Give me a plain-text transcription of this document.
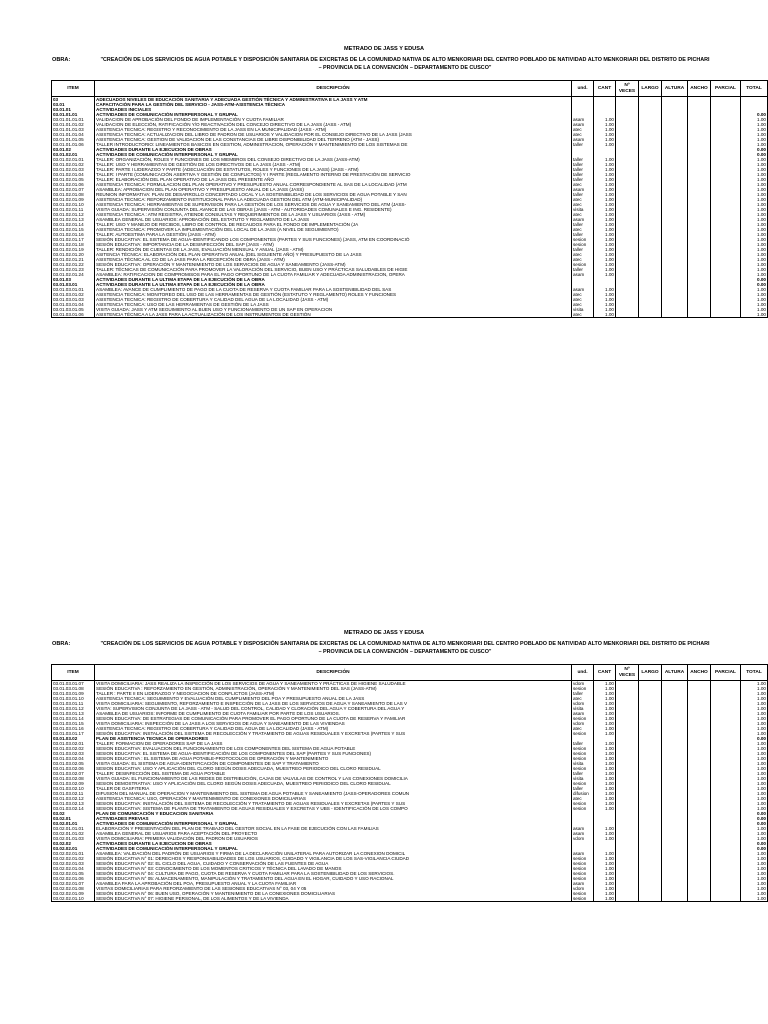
METRADO DE JASS Y EDUSA
OBRA:	"CREACIÓN DE LOS SERVICIOS DE AGUA POTABLE Y DISPOSICIÓN SANITARIA DE EXCRETAS DE LA COMUNIDAD NATIVA DE ALTO MENKORIARI DEL CENTRO POBLADO DE NATIVIDAD ALTO MENKORIARI DEL DISTRITO DE PICHARI – PROVINCIA DE LA CONVENCIÓN – DEPARTAMENTO DE CUSCO"
ITEM	DESCRIPCIÓN	und.	CANT	Nº VECES	LARGO	ALTURA	ANCHO	PARCIAL	TOTAL
03	ADECUADOS NIVELES DE EDUCACIÓN SANITARIA Y ADECUADA GESTIÓN TÉCNICA Y ADMINISTRATIVA E LA JASS Y ATM								
03.01	CAPACITACIÓN PARA LA GESTIÓN DEL SERVICIO - JASS-ATM-ASISTENCIA TÉCNICA								
03.01.01	ACTIVIDADES INICIALES								
03.01.01.01	ACTIVIDADES DE COMUNICACIÓN INTERPERSONAL Y GRUPAL								0.00
03.01.01.01.01	VALIDACION DE APROBACIÓN DEL FONDO DE IMPLEMENTACIÓN Y CUOTA FAMILIAR	asam	1.00						1.00
03.01.01.01.02	VALIDACION DE ELECCIÓN, RATIFICACIÓN Y/O REACTIVACIÓN DEL CONCEJO DIRECTIVO DE LA JASS (JASS - ATM)	asam	1.00						1.00
03.01.01.01.03	ASISTENCIA TECNICA: REGISTRO Y RECONOCIMIENTO DE LA JASS EN LA MUNICIPALIDAD (JASS - ATM)	atec	1.00						1.00
03.01.01.01.04	ASISTENCIA TECNICA: ACTUALIZACION DEL LIBRO DE PADRON DE USUARIOS Y VALIDACION POR EL CONSEJO DIRECTIVO DE LA JASS (JASS	atec	1.00						1.00
03.01.01.01.05	ASISTENCIA TECNICA: GESTION DE VALIDACION DE LAS CONSTANCIAS DE LIBRE DISPONIBILIDAD DEL TERRENO (ATM - JASS)	asam	1.00						1.00
03.01.01.01.06	TALLER INTRODUCTORIO: LINEAMIENTOS BASICOS EN GESTION, ADMINISTRACION, OPERACIÓN Y MANTENIMIENTO DE LOS SISTEMAS DE	taller	1.00						1.00
03.01.02	ACTIVIDADES DURANTE LA EJECUCION DE OBRAS								0.00
03.01.02.01	ACTIVIDADES DE COMUNICACIÓN INTERPERSONAL Y GRUPAL								0.00
03.01.02.01.01	TALLER: ORGANIZACIÓN, ROLES Y FUNCIONES DE LOS MIEMBROS DEL CONSEJO DIRECTIVO DE LA JASS (JASS-ATM)	taller	1.00						1.00
03.01.02.01.02	TALLER: USO Y HERRAMIENTAS DE GESTIÓN DE LOS DIRECTIVOS DE LA JASS (JASS - ATM)	taller	1.00						1.00
03.01.02.01.03	TALLER: PARTE I LIDERAZGO Y PARTE (ADECUACIÓN DE ESTATUTOS, ROLES Y FUNCIONES DE LA JASS) (JASS - ATM)	taller	1.00						1.00
03.01.02.01.04	TALLER: I PARTE (COMUNICACIÓN ASERTIVA Y GESTIÓN DE CONFLICTOS) Y I PARTE (REGLAMENTO INTERNO DE PRESTACIÓN DE SERVICIO	taller	1.00						1.00
03.01.02.01.05	TALLER: ELABORACIÓN DEL PLAN OPERATIVO DE LA JASS DEL PRESENTE AÑO	taller	1.00						1.00
03.01.02.01.06	ASISTENCIA TECNICA: FORMULACION DEL PLAN OPERATIVO Y PRESUPUESTO ANUAL CORRESPONDIENTE AL SAS DE LA LOCALIDAD (ATM	atec	1.00						1.00
03.01.02.01.07	ASAMBLEA: APROBACION DEL PLAN OPERATIVO Y PRESUPUESTO ANUAL DE LA JASS (JASS)	asam	1.00						1.00
03.01.02.01.08	REUNION INFORMATIVA: PLAN DE DESARROLLO CONCERTADO LOCAL Y LA SOSTENIBILIDAD DE LOS SERVICIOS DE AGUA POTABLE Y SAN	taller	1.00						1.00
03.01.02.01.09	ASISTENCIA TECNICA: REFORZAMIENTO INSTITUCIONAL PARA LA ADECUADA GESTION DEL ATM (ATM-MUNICIPALIDAD)	atec	1.00						1.00
03.01.02.01.10	ASISTENCIA TECNICA: HERRAMIENTAS DE SUPERVISION PARA LA GESTIÓN DE LOS SERVICIOS DE AGUA Y SANEAMIENTO DEL ATM (JASS-	atec	1.00						1.00
03.01.02.01.11	VISITA GUIADA: SUPERVISIÓN CONJUNTA DEL AVANCE DE LAS OBRAS (JASS - ATM - AUTORIDADES COMUNALES E ING. RESIDENTE)	visita	1.00						1.00
03.01.02.01.12	ASISTENCIA TECNICA : ATM REGISTRA, ATIENDE CONSULTAS Y REQUERIMIENTOS DE LA JASS Y USUARIOS (JASS - ATM)	atec	1.00						1.00
03.01.02.01.13	ASAMBLEA GENERAL DE USUARIOS: APROBACIÓN DEL ESTATUTO Y REGLAMENTO DE LA JASS	asam	1.00						1.00
03.01.02.01.14	TALLER: USO Y MANEJO DE RECIBOS, LIBRO DE CONTROL DE RECAUDOS PARA EL FONDO DE IMPLEMENTACIÓN (JA	taller	1.00						1.00
03.01.02.01.15	ASISTENCIA TECNICA: PROMOVER LA IMPLEMENTACIÓN DEL LOCAL DE LA JASS (A NIVEL DE SEGUIMIENTO)	atec	1.00						1.00
03.01.02.01.16	TALLER: AUTOESTIMA PARA LA GESTIÓN (JASS - ATM)	taller	1.00						1.00
03.01.02.01.17	SESIÓN EDUCATIVA: EL SISTEMA DE AGUA-IDENTIFICANDO LOS COMPONENTES (PARTES Y SUS FUNCIONES) (JASS, ATM EN COORDINACIÓ	sesion	1.00						1.00
03.01.02.01.18	SESIÓN EDUCATIVA: IMPORTANCIA DE LA DESINFECCIÓN DEL SAP (JASS - ATM)	sesion	1.00						1.00
03.01.02.01.19	TALLER: RENDICIÓN DE CUENTAS DE LA JASS, EVALUACIÓN MENSUAL Y ANUAL (JASS - ATM)	taller	1.00						1.00
03.01.02.01.20	ASITENCIA TÉCNICA: ELABORACIÓN DEL PLAN OPERATIVO ANUAL (DEL SIGUIENTE AÑO) Y PRESUPUESTO DE LA JASS	atec	1.00						1.00
03.01.02.01.21	ASISTENCIA TÉCNICA AL CD DE LA JASS PARA LA RECEPCIÓN DE OBRA (JASS - ATM)	atec	1.00						1.00
03.01.02.01.22	SESIÓN EDUCATIVA: OPERACIÓN Y MANTENIMIENTO DE LOS SERVICIOS DE AGUA Y SANEAMIENTO (JASS-ATM)	sesion	1.00						1.00
03.01.02.01.23	TALLER: TÉCNICAS DE COMUNICACIÓN PARA PROMOVER LA VALORACIÓN DEL SERVICIO, BUEN USO Y PRÁCTICAS SALUDABLES DE HIGIE	taller	1.00						1.00
03.01.02.01.24	ASAMBLEA: RATIFICACION DE COMPROMISOS PARA EL PAGO OPORTUNO DE LA CUOTA FAMILIAR Y ADECUADA ADMINISTRACION, OPERA	asam	1.00						1.00
03.01.03	ACTIVIDADES DURANTE LA ULTIMA ETAPA DE LA EJECUCIÓN DE LA OBRA								0.00
03.01.03.01	ACTIVIDADES DURANTE LA ULTIMA ETAPA DE LA EJECUCIÓN DE LA OBRA								0.00
03.01.03.01.01	ASAMBLEA: AVANCE DE CUMPLIMIENTO DE PAGO DE LA CUOTA DE RESERVA Y CUOTA FAMILIAR PARA LA SOSTENIBILIDAD DEL SAS	asam	1.00						1.00
03.01.03.01.02	ASISTENCIA TECNICA: MONITOREO DEL USO DE LAS HERRAMIENTAS DE GESTIÓN (ESTATUTO Y REGLAMENTO) ROLES Y FUNCIONES	atec	1.00						1.00
03.01.03.01.03	ASISTENCIA TECNICA: REGISTRO DE COBERTURA Y CALIDAD DEL AGUA DE LA LOCALIDAD (JASS - ATM)	atec	1.00						1.00
03.01.03.01.04	ASISTENCIA TECNICA: USO DE LAS HERRAMIENTAS DE GESTIÓN DE LA JASS	atec	1.00						1.00
03.01.03.01.05	VISITA GUIADA: JASS Y ATM SEGUIMIENTO AL BUEN USO Y FUNCIONAMIENTO DE UN SAP EN OPERACION	visita	1.00						1.00
03.01.03.01.06	ASISTENCIA TÉCNICA A LA JASS PARA LA ACTUALIZACIÓN DE LOS INSTRUMENTOS DE GESTIÓN	atec	1.00						1.00
METRADO DE JASS Y EDUSA
OBRA:	"CREACIÓN DE LOS SERVICIOS DE AGUA POTABLE Y DISPOSICIÓN SANITARIA DE EXCRETAS DE LA COMUNIDAD NATIVA DE ALTO MENKORIARI DEL CENTRO POBLADO DE NATIVIDAD ALTO MENKORIARI DEL DISTRITO DE PICHARI – PROVINCIA DE LA CONVENCIÓN – DEPARTAMENTO DE CUSCO"
ITEM	DESCRIPCIÓN	und.	CANT	Nº VECES	LARGO	ALTURA	ANCHO	PARCIAL	TOTAL
03.01.03.01.07	VISITA DOMICILIARIA: JASS REALIZA LA INSPECCIÓN DE LOS SERVICIOS DE AGUA Y SANEAMIENTO Y PRÁCTICAS DE HIGIENE SALUDABLE	vdom	1.00						1.00
03.01.03.01.08	SESIÓN EDUCATIVA : REFORZAMIENTO EN GESTIÓN, ADMINISTRACIÓN, OPERACIÓN Y MANTENIMIENTO DEL SAS (JASS-ATM)	sesion	1.00						1.00
03.01.03.01.09	TALLER : PARTE II EN LIDERAZGO Y NEGOCIACION DE CONFLICTOS (JASS-ATM)	taller	1.00						1.00
03.01.03.01.10	ASISTENCIA TECNICA: SEGUIMIENTO Y EVALUACIÓN DEL CUMPLIMIENTO DEL POA Y PRESUPUESTO ANUAL DE LA JASS	atec	1.00						1.00
03.01.03.01.11	VISITA DOMICILIARIA: SEGUIMIENTO, REFORZAMIENTO E INSPECCIÓN DE LA JASS DE LOS SERVICIOS DE AGUA Y SANEAMIENTO DE LAS V	vdom	1.00						1.00
03.01.03.01.12	VISITA: SUPERVISION CONJUNTA DE LA JASS - ATM - SALUD DEL CONTROL, CALIDAD Y CLORACIÓN DEL AGUA Y COBERTURA DEL AGUA Y	visita	1.00						1.00
03.01.03.01.13	ASAMBLEA DE USUARIOS: INFORME DE CUMPLIMIENTO DE CUOTA FAMILIAR POR PARTE DE LOS USUARIOS.	asam	1.00						1.00
03.01.03.01.14	SESION EDUCATIVA: DE ESTRATEGIAS DE COMUNICACIÓN PARA PROMOVER EL PAGO OPORTUNO DE LA CUOTA DE RESERVA Y FAMILIAR	sesion	1.00						1.00
03.01.03.01.15	VISITA DOMICILIARIA: INSPECCIÓN DE LA JASS A LOS SERVICIOS DE AGUA Y SANEAMIENTO DE LAS VIVIENDAS	vdom	1.00						1.00
03.01.03.01.16	ASISTENCIA TECNICA: REGISTRO DE COBERTURA Y CALIDAD DEL AGUA DE LA LOCALIDAD (JASS - ATM)	atec	1.00						1.00
03.01.03.01.17	SESIÓN EDUCATIVA: INSTALACIÓN DEL SISTEMA DE RECOLECCIÓN Y TRATAMIENTO DE AGUAS RESIDUALES Y EXCRETAS (PARTES Y SUS	sesion	1.00						1.00
03.01.03.02	PLAN DE ASISTENCIA TECNICA DE OPERADORES								0.00
03.01.03.02.01	TALLER: FORMACION DE OPERADORES SAP DE LA JASS	taller	1.00						1.00
03.01.03.02.02	SESION EDUCATIVA: EVALUACION DEL FUNCIONAMIENTO DE LOS COMPONENTES DEL SISTEMA DE AGUA POTABLE	sesion	1.00						1.00
03.01.03.02.03	SESION EDUCATIVA: EL SISTEMA DE AGUA-IDENTIFICACIÓN DE LOS COMPONENTES DEL SAP (PARTES Y SUS FUNCIONES)	sesion	1.00						1.00
03.01.03.02.04	SESION EDUCATIVA : EL SISTEMA DE AGUA POTABLE-PROTOCOLOS DE OPERACIÓN Y MANTENIMIENTO	sesion	1.00						1.00
03.01.03.02.05	VISITA GUIADA: EL SISTEMA DE AGUA-IDENTIFICACIÓN DE COMPONENTES DE SAP Y TRATAMIENTO	visita	1.00						1.00
03.01.03.02.06	SESION EDUCATIVA: USO Y APLICACIÓN DEL CLORO SEGÚN DOSIS ADECUADA, MUESTREO PERIODICO DEL CLORO RESIDUAL	sesion	1.00						1.00
03.01.03.02.07	TALLER: DESINFECCIÓN DEL SISTEMA DE AGUA POTABLE	taller	1.00						1.00
03.01.03.02.08	VISITA GUIADA: EL FUNCIONAMIENTO DE LAS REDES DE DISTRIBUCIÓN, CAJAS DE VALVULAS DE CONTROL Y LAS CONEXIONES DOMICILIA	visita	1.00						1.00
03.01.03.02.09	SESION DEMOSTRATIVA: USO Y APLICACIÓN DEL CLORO SEGÚN DOSIS ADECUADA, MUESTREO PERIODICO DEL CLORO RESIDUAL	sesion	1.00						1.00
03.01.03.02.10	TALLER DE GASFITERIA	taller	1.00						1.00
03.01.03.02.11	DIFUSION DEL MANUAL DE OPERACION Y MANTENIMIENTO DEL SISTEMA DE AGUA POTABLE Y SANEAMIENTO (JASS-OPERADORES COMUN	difusion	1.00						1.00
03.01.03.02.12	ASISTENCIA TECNICA: USO, OPERACIÓN Y MANTENIMIENTO DE CONEXIONES DOMICILIARIAS	atec	1.00						1.00
03.01.03.02.13	SESION EDUCATIVA: INSTALACIÓN DEL SISTEMA DE RECOLECCIÓN Y TRATAMIENTO DE AGUAS RESIDUALES Y EXCRETAS (PARTES Y SUS	sesion	1.00						1.00
03.01.03.02.14	SESION EDUCATIVA: SISTEMA DE PLANTA DE TRATAMIENTO DE AGUAS RESIDUALES Y EXCRETAS Y UBS - IDENTIFICACIÓN DE LOS COMPO	sesion	1.00						1.00
03.02	PLAN DE COMUNICACIÓN Y EDUCACION SANITARIA								0.00
03.02.01	ACTIVIDADES PREVIAS								0.00
03.02.01.01	ACTIVIDADES DE COMUNICACIÓN INTERPERSONAL Y GRUPAL								0.00
03.02.01.01.01	ELABORACIÓN Y PRESENTACIÓN DEL PLAN DE TRABAJO DEL GESTOR SOCIAL EN LA FASE DE EJECUCIÓN CON LAS FAMILIAS	asam	1.00						1.00
03.02.01.01.02	ASAMBLEA GENERAL DE USUARIOS PARA ACEPTACIÓN DEL PROYECTO	asam	1.00						1.00
03.02.01.01.03	VISITA DOMICILIARIA: PRIMERA VALIDACIÓN DEL PADRON DE USUARIOS	vdom	1.00						1.00
03.02.02	ACTIVIDADES DURANTE LA EJECUCION DE OBRAS								0.00
03.02.02.01	ACTIVIDADES DE COMUNICACIÓN INTERPERSONAL Y GRUPAL								0.00
03.02.02.01.01	ASAMBLEA: VALIDACIÓN DEL PADRÓN DE USUARIOS Y FIRMA DE LA DECLARACIÓN UNILATERAL PARA AUTORIZAR LA CONEXION DOMICIL	asam	1.00						1.00
03.02.02.01.02	SESIÓN EDUCATIVA N° 01: DERECHOS Y RESPONSABILIDADES DE LOS USUARIOS, CUIDADO Y VIGILANCIA DE LOS SAS-VIGILANCIA CIUDAD	sesion	1.00						1.00
03.02.02.01.03	SESIÓN EDUCATIVA N° 02: EL CICLO DEL AGUA, CUIDADO Y CONSERVACIÓN DE LAS FUENTES DE AGUA	sesion	1.00						1.00
03.02.02.01.04	SESIÓN EDUCATIVA N° 03: CONOCIMIENTO DE LOS MOMENTOS CRITICOS Y TÉCNICA DEL LAVADO DE MANOS	sesion	1.00						1.00
03.02.02.01.05	SESIÓN EDUCATIVA N° 04: CULTURA DE PAGO, CUOTA DE RESERVA Y CUOTA FAMILIAR PARA LA SOSTENIBILIDAD DE LOS SERVICIOS.	sesion	1.00						1.00
03.02.02.01.06	SESIÓN EDUCATIVA N° 05: ALMACENAMIENTO, MANIPULACIÓN Y TRATAMIENTO DEL AGUA EN EL HOGAR, CUIDADO Y USO RACIONAL	sesion	1.00						1.00
03.02.02.01.07	ASAMBLEA PARA LA APROBACIÓN DEL POA, PRESUPUESTO ANUAL Y LA CUOTA FAMILIAR	asam	1.00						1.00
03.02.02.01.08	VISITAS DOMICILIARIAS PARA REFORZAMIENTO DE LAS SESIONES EDUCATIVAS N° 03, 04 Y 05	vdom	1.00						1.00
03.02.02.01.09	SESIÓN EDUCATIVA N° 06: BUEN USO, OPERACIÓN Y MANTENIMIENTO DE LA CONEXIONES DOMICILIARIAS	sesion	1.00						1.00
03.02.02.01.10	SESIÓN EDUCATIVA N° 07: HIGIENE PERSONAL, DE LOS ALIMENTOS Y DE LA VIVIENDA	sesion	1.00						1.00
